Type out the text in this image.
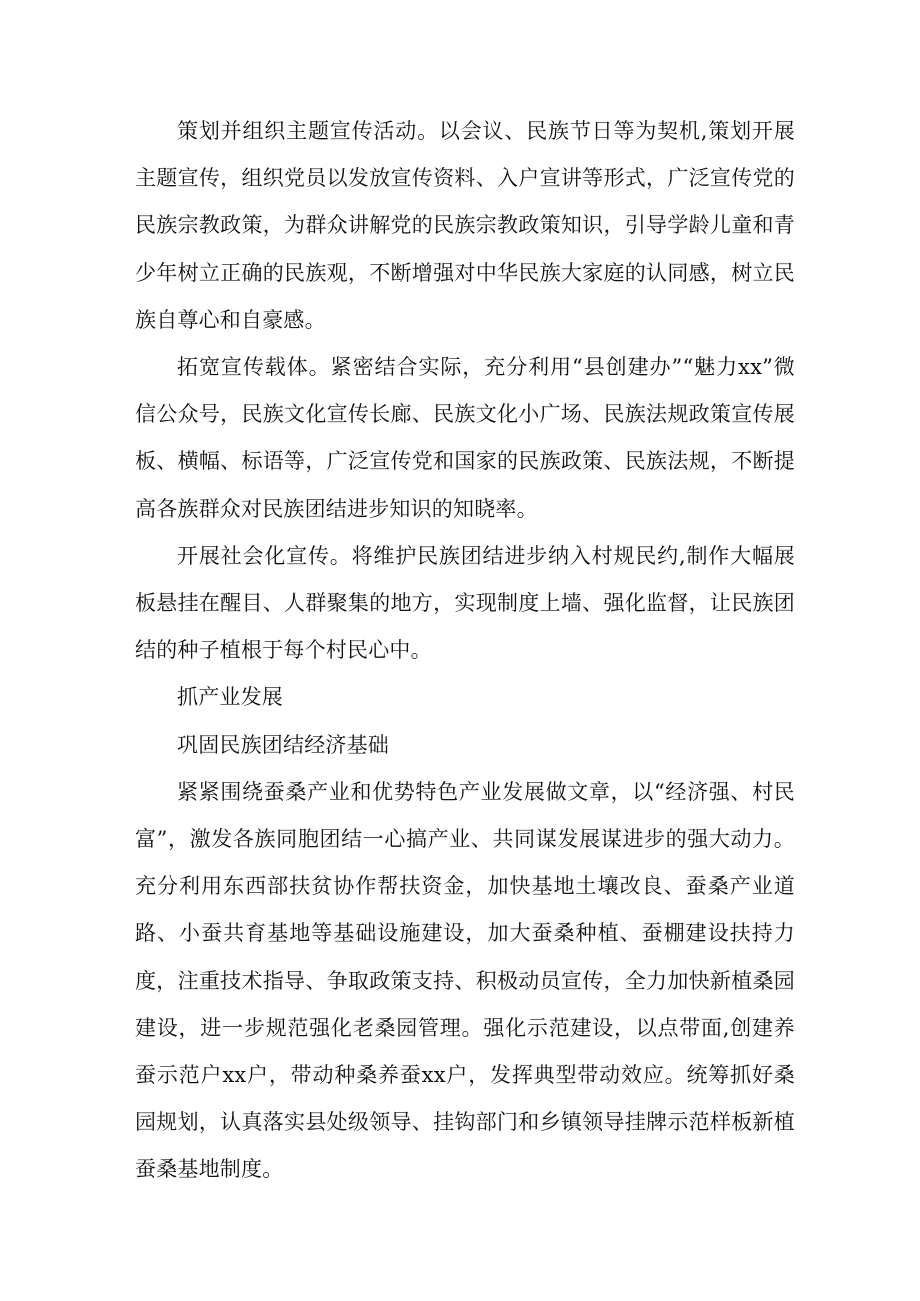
策划并组织主题宣传活动。以会议、民族节日等为契机,策划开展主题宣传，组织党员以发放宣传资料、入户宣讲等形式，广泛宣传党的民族宗教政策，为群众讲解党的民族宗教政策知识，引导学龄儿童和青少年树立正确的民族观，不断增强对中华民族大家庭的认同感，树立民族自尊心和自豪感。

拓宽宣传载体。紧密结合实际，充分利用“县创建办”“魅力xx”微信公众号，民族文化宣传长廊、民族文化小广场、民族法规政策宣传展板、横幅、标语等，广泛宣传党和国家的民族政策、民族法规，不断提高各族群众对民族团结进步知识的知晓率。

开展社会化宣传。将维护民族团结进步纳入村规民约,制作大幅展板悬挂在醒目、人群聚集的地方，实现制度上墙、强化监督，让民族团结的种子植根于每个村民心中。

抓产业发展

巩固民族团结经济基础

紧紧围绕蚕桑产业和优势特色产业发展做文章，以“经济强、村民富”，激发各族同胞团结一心搞产业、共同谋发展谋进步的强大动力。充分利用东西部扶贫协作帮扶资金，加快基地土壤改良、蚕桑产业道路、小蚕共育基地等基础设施建设，加大蚕桑种植、蚕棚建设扶持力度，注重技术指导、争取政策支持、积极动员宣传，全力加快新植桑园建设，进一步规范强化老桑园管理。强化示范建设，以点带面,创建养蚕示范户xx户，带动种桑养蚕xx户，发挥典型带动效应。统筹抓好桑园规划，认真落实县处级领导、挂钩部门和乡镇领导挂牌示范样板新植蚕桑基地制度。
